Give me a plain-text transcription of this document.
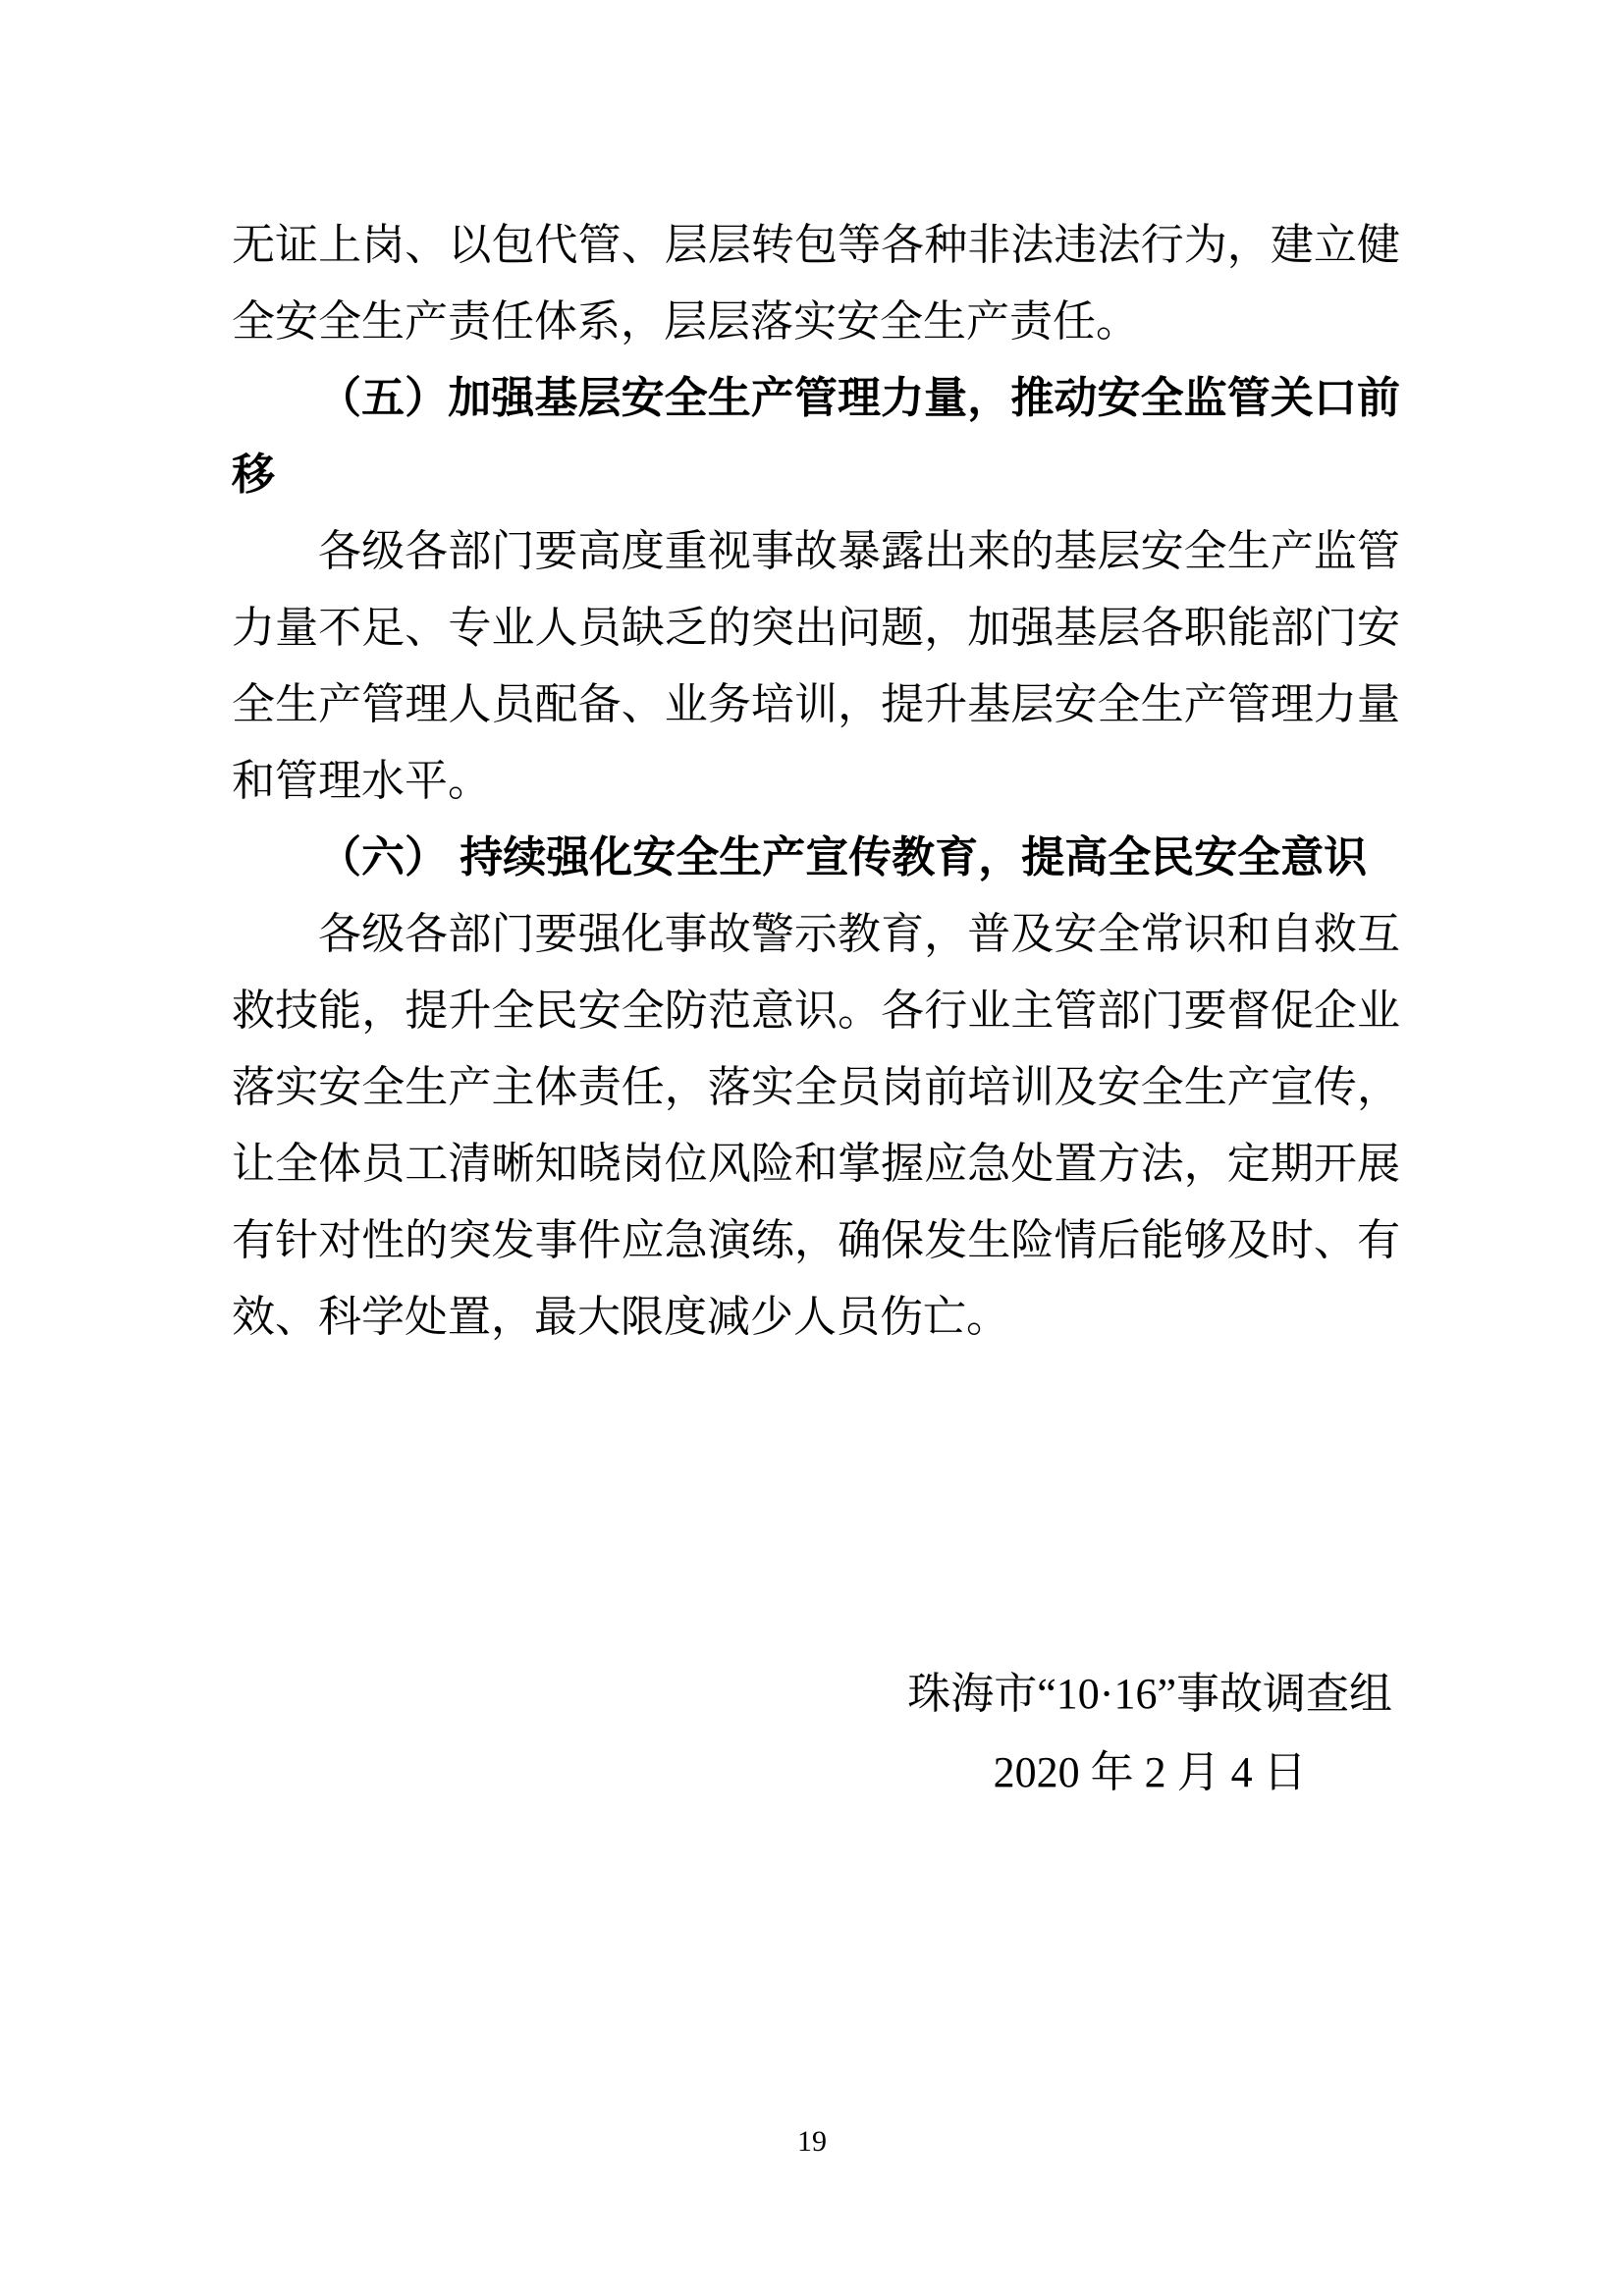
无证上岗、以包代管、层层转包等各种非法违法行为，建立健全安全生产责任体系，层层落实安全生产责任。

（五）加强基层安全生产管理力量，推动安全监管关口前移

各级各部门要高度重视事故暴露出来的基层安全生产监管力量不足、专业人员缺乏的突出问题，加强基层各职能部门安全生产管理人员配备、业务培训，提升基层安全生产管理力量和管理水平。

（六） 持续强化安全生产宣传教育，提高全民安全意识

各级各部门要强化事故警示教育，普及安全常识和自救互救技能，提升全民安全防范意识。各行业主管部门要督促企业落实安全生产主体责任，落实全员岗前培训及安全生产宣传，让全体员工清晰知晓岗位风险和掌握应急处置方法，定期开展有针对性的突发事件应急演练，确保发生险情后能够及时、有效、科学处置，最大限度减少人员伤亡。

珠海市“10·16”事故调查组
2020 年 2 月 4 日
19
